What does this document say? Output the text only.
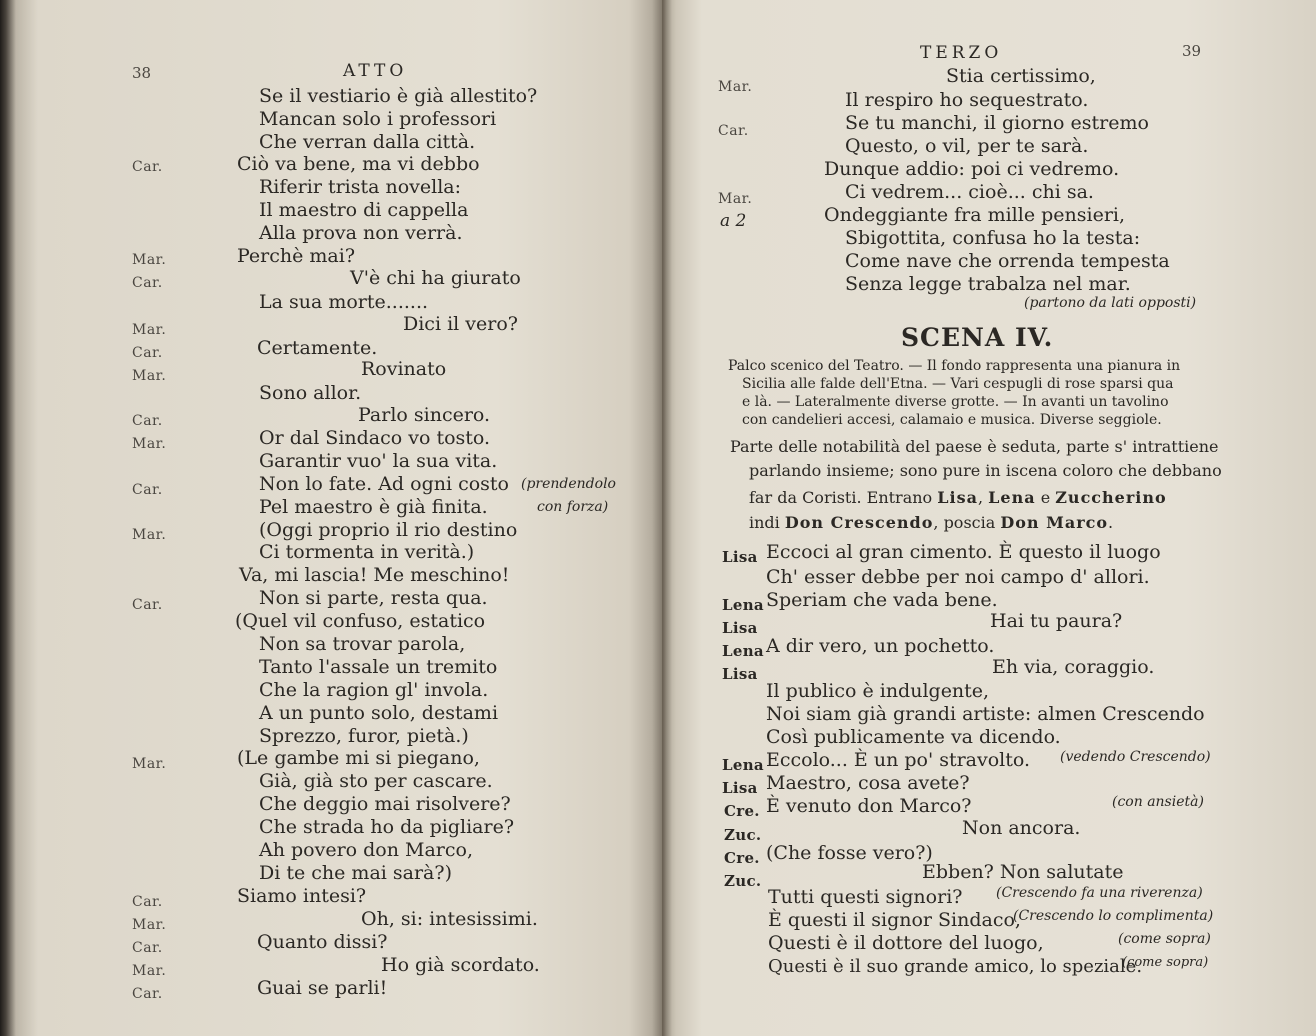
38	ATTO
Se il vestiario è già allestito?
Mancan solo i professori
Che verran dalla città.
Car.	Ciò va bene, ma vi debbo
Riferir trista novella:
Il maestro di cappella
Alla prova non verrà.
Mar.	Perchè mai?
Car.	V'è chi ha giurato
La sua morte.......
Mar.	Dici il vero?
Car.	Certamente.
Mar.	Rovinato
Sono allor.
Car.	Parlo sincero.
Mar.	Or dal Sindaco vo tosto.
Garantir vuo' la sua vita.
Car.	Non lo fate. Ad ogni costo (prendendolo
Pel maestro è già finita.	con forza)
Mar.	(Oggi proprio il rio destino
Ci tormenta in verità.)
Va, mi lascia! Me meschino!
Car.	Non si parte, resta qua.
(Quel vil confuso, estatico
Non sa trovar parola,
Tanto l'assale un tremito
Che la ragion gl' invola.
A un punto solo, destami
Sprezzo, furor, pietà.)
Mar.	(Le gambe mi si piegano,
Già, già sto per cascare.
Che deggio mai risolvere?
Che strada ho da pigliare?
Ah povero don Marco,
Di te che mai sarà?)
Car.	Siamo intesi?
Mar.	Oh, si: intesissimi.
Car.	Quanto dissi?
Mar.	Ho già scordato.
Car.	Guai se parli!
TERZO	39
Mar.	Stia certissimo,
Il respiro ho sequestrato.
Car.	Se tu manchi, il giorno estremo
Questo, o vil, per te sarà.
Dunque addio: poi ci vedremo.
Mar.	Ci vedrem... cioè... chi sa.
a 2	Ondeggiante fra mille pensieri,
Sbigottita, confusa ho la testa:
Come nave che orrenda tempesta
Senza legge trabalza nel mar.
(partono da lati opposti)
SCENA IV.
Palco scenico del Teatro. — Il fondo rappresenta una pianura in
Sicilia alle falde dell'Etna. — Vari cespugli di rose sparsi qua
e là. — Lateralmente diverse grotte. — In avanti un tavolino
con candelieri accesi, calamaio e musica. Diverse seggiole.
Parte delle notabilità del paese è seduta, parte s' intrattiene
parlando insieme; sono pure in iscena coloro che debbano
far da Coristi. Entrano Lisa, Lena e Zuccherino
indi Don Crescendo, poscia Don Marco.
Lisa Eccoci al gran cimento. È questo il luogo
Ch' esser debbe per noi campo d' allori.
Lena Speriam che vada bene.
Lisa	Hai tu paura?
Lena A dir vero, un pochetto.
Lisa	Eh via, coraggio.
Il publico è indulgente,
Noi siam già grandi artiste: almen Crescendo
Così publicamente va dicendo.
Lena Eccolo... È un po' stravolto. (vedendo Crescendo)
Lisa Maestro, cosa avete?
Cre. È venuto don Marco?	(con ansietà)
Zuc.	Non ancora.
Cre. (Che fosse vero?)
Zuc.	Ebben? Non salutate
Tutti questi signori? (Crescendo fa una riverenza)
È questi il signor Sindaco,
(Crescendo lo complimenta)
Questi è il dottore del luogo,	(come sopra)
Questi è il suo grande amico, lo speziale.
(come sopra)
